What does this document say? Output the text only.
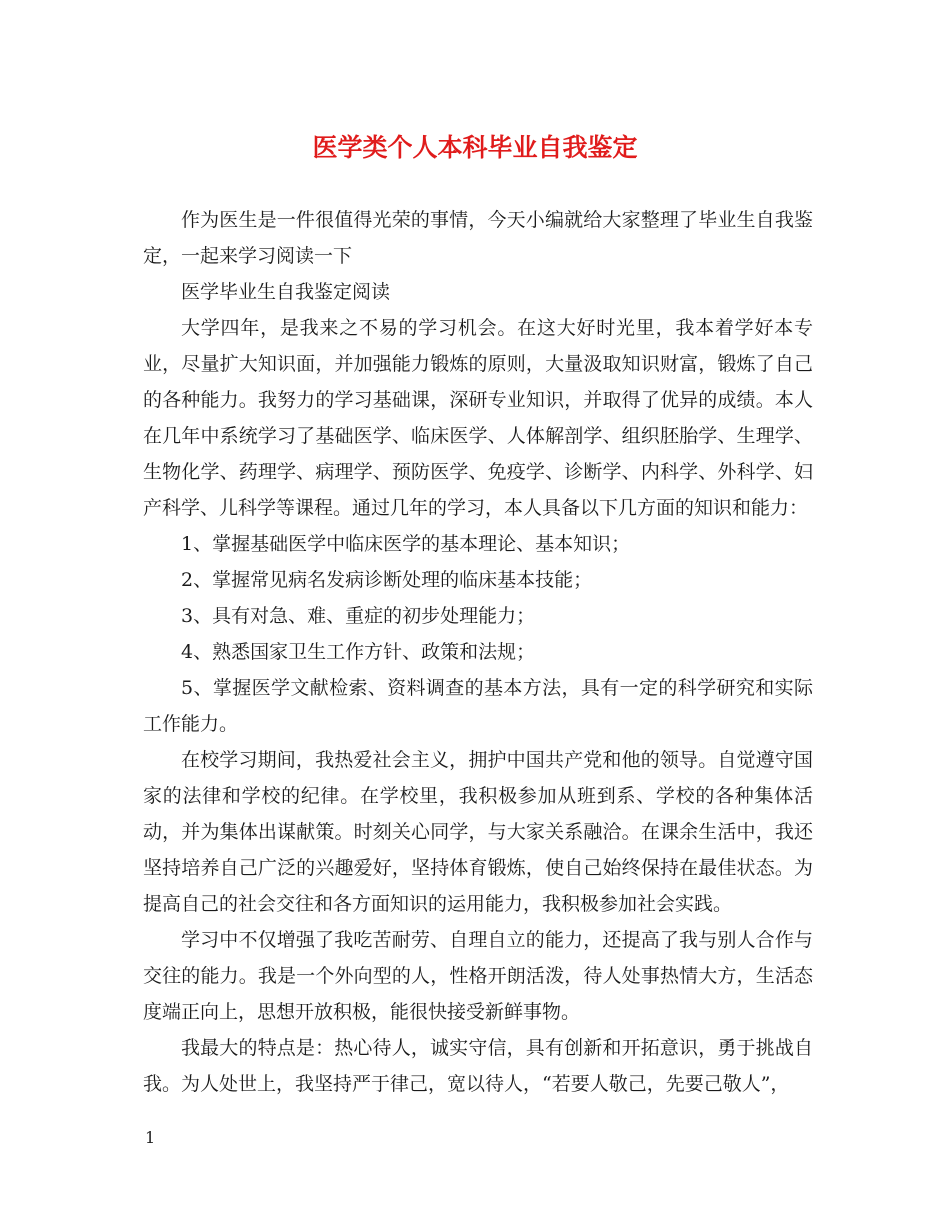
医学类个人本科毕业自我鉴定

作为医生是一件很值得光荣的事情，今天小编就给大家整理了毕业生自我鉴定，一起来学习阅读一下

医学毕业生自我鉴定阅读

大学四年，是我来之不易的学习机会。在这大好时光里，我本着学好本专业，尽量扩大知识面，并加强能力锻炼的原则，大量汲取知识财富，锻炼了自己的各种能力。我努力的学习基础课，深研专业知识，并取得了优异的成绩。本人在几年中系统学习了基础医学、临床医学、人体解剖学、组织胚胎学、生理学、生物化学、药理学、病理学、预防医学、免疫学、诊断学、内科学、外科学、妇产科学、儿科学等课程。通过几年的学习，本人具备以下几方面的知识和能力：

1、掌握基础医学中临床医学的基本理论、基本知识；

2、掌握常见病名发病诊断处理的临床基本技能；

3、具有对急、难、重症的初步处理能力；

4、熟悉国家卫生工作方针、政策和法规；

5、掌握医学文献检索、资料调查的基本方法，具有一定的科学研究和实际工作能力。

在校学习期间，我热爱社会主义，拥护中国共产党和他的领导。自觉遵守国家的法律和学校的纪律。在学校里，我积极参加从班到系、学校的各种集体活动，并为集体出谋献策。时刻关心同学，与大家关系融洽。在课余生活中，我还坚持培养自己广泛的兴趣爱好，坚持体育锻炼，使自己始终保持在最佳状态。为提高自己的社会交往和各方面知识的运用能力，我积极参加社会实践。

学习中不仅增强了我吃苦耐劳、自理自立的能力，还提高了我与别人合作与交往的能力。我是一个外向型的人，性格开朗活泼，待人处事热情大方，生活态度端正向上，思想开放积极，能很快接受新鲜事物。

我最大的特点是：热心待人，诚实守信，具有创新和开拓意识，勇于挑战自我。为人处世上，我坚持严于律己，宽以待人，“若要人敬己，先要己敬人”，

1
